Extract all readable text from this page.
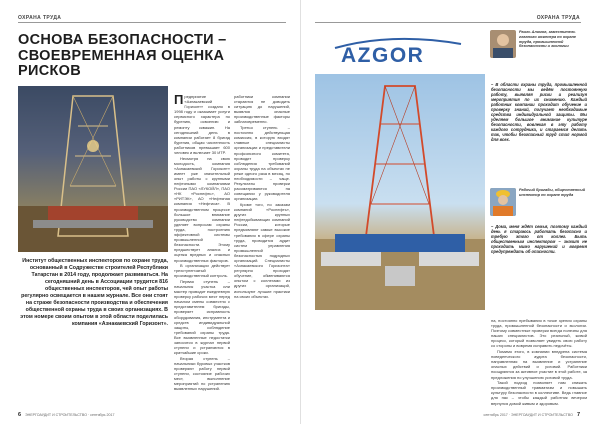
ОХРАНА ТРУДА
ОСНОВА БЕЗОПАСНОСТИ – СВОЕВРЕМЕННАЯ ОЦЕНКА РИСКОВ
Институт общественных инспекторов по охране труда, основанный в Содружестве строителей Республики Татарстан в 2014 году, продолжает развиваться. На сегодняшний день в Ассоциации трудится 816 общественных инспекторов, чей опыт работы регулярно освещается в нашем журнале. Все они стоят на страже безопасности производства и обеспечения общественной охраны труда в своих организациях. В этом номере своим опытом в этой области поделилась компания «Азнакаевский Горизонт».

Предприятие «Азнакаевский Горизонт» создано в 1998 году и оказывает услуги сервисного характера по бурению, освоению и ремонту скважин. На сегодняшний день в компании работает 8 бригад бурения, общая численность работников превышает 600 человек и включает 30 ИТР.

Несмотря на свою молодость, компания «Азнакаевский Горизонт» имеет уже значительный опыт работы с крупными нефтяными компаниями России ПАО «ЛУКОЙЛ», ПАО «НК «Роснефть», АО «РИТЭК», АО «Нефтяная компания «Нефтиса». В производственном процессе большое внимание руководство компании уделяет вопросам охраны труда, построению эффективной системы промышленной безопасности. Этому предшествует анализ и оценка вредных и опасных производственных факторов.

В организации действует трехступенчатый производственный контроль.

Первая ступень – начальник участка или мастер проводит ежедневную проверку рабочих мест перед началом смены совместно с представителем бригады, проверяет исправность оборудования, инструмента и средств индивидуальной защиты, соблюдение требований охраны труда. Все выявленные недостатки заносятся в журнал первой ступени и устраняются в кратчайшие сроки.

Вторая ступень – начальники буровых участков проверяют работу первой ступени, состояние рабочих мест, выполнение мероприятий по устранению выявленных нарушений.

работники компании стараются не доводить ситуацию до нарушений, выявляя опасные производственные факторы заблаговременно.

Третья ступень – постоянно действующая комиссия, в которую входят главные специалисты организации и представители профсоюзного комитета, проводит проверку соблюдения требований охраны труда на объектах не реже одного раза в месяц, по необходимости – чаще. Результаты проверки рассматриваются на совещании у руководителя организации.

Кроме того, по заказам компаний «Роснефть», других крупных нефтедобывающих компаний России, которые предъявляют самые высокие требования в сфере охраны труда, проводится аудит систем управления промышленной безопасностью подрядных организаций. Специалисты «Азнакаевского Горизонта» регулярно проходят обучение, обмениваются опытом с коллегами из других организаций, используют лучшие практики на своих объектах.

6 ЭНЕРГОАУДИТ И СТРОИТЕЛЬСТВО · сентябрь 2017
ОХРАНА ТРУДА
AZGOR
Раиль Алимов, заместитель главного инженера по охране труда, промышленной безопасности и экологии
– В области охраны труда, промышленной безопасности мы ведём постоянную работу, выявляя риски и реализуя мероприятия по их снижению. Каждый работник компании проходит обучение и проверку знаний, получает необходимые средства индивидуальной защиты. Мы уделяем большое внимание культуре безопасности, вовлекая в эту работу каждого сотрудника, и стараемся делать так, чтобы безопасный труд стал нормой для всех.
Рабочий бригады, общественный инспектор по охране труда
– Дома, меня ждёт семья, поэтому каждый день я стараюсь работать безопасно и требую этого от коллег. Быть общественным инспектором – значит не проходить мимо нарушений и вовремя предупреждать об опасности.

на, постоянно пребывания в точке зрения охраны труда, промышленной безопасности и экологии. Поэтому совместные проверки всегда полезны для наших специалистов. Это реальный, живой процесс, который позволяет увидеть свою работу со стороны и вовремя исправить недочёты.

Помимо этого, в компании внедрена система поведенческого аудита безопасности, направленная на выявление и устранение опасных действий и условий. Работники поощряются за активное участие в этой работе, за предложения по улучшению условий труда.

Такой подход позволяет нам снижать производственный травматизм и повышать культуру безопасности в коллективе. Ведь главное для нас – чтобы каждый работник вечером вернулся домой живым и здоровым.

сентябрь 2017 · ЭНЕРГОАУДИТ И СТРОИТЕЛЬСТВО 7
